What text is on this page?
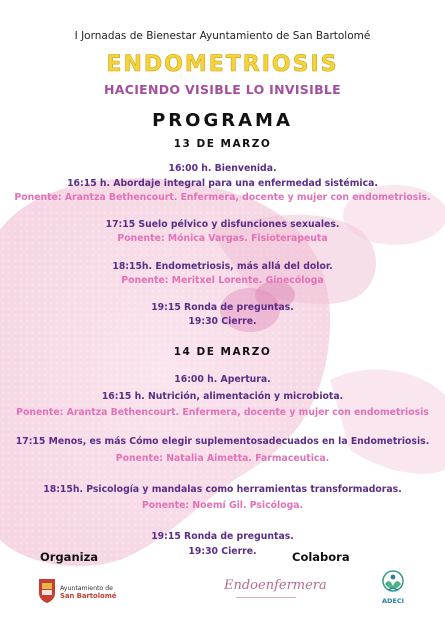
I Jornadas de Bienestar Ayuntamiento de San Bartolomé
ENDOMETRIOSIS
HACIENDO VISIBLE LO INVISIBLE
PROGRAMA
13 DE MARZO
16:00 h. Bienvenida.
16:15 h. Abordaje integral para una enfermedad sistémica.
Ponente: Arantza Bethencourt. Enfermera, docente y mujer con endometriosis.
17:15 Suelo pélvico y disfunciones sexuales.
Ponente: Mónica Vargas. Fisioterapeuta
18:15h. Endometriosis, más allá del dolor.
Ponente: Meritxel Lorente. Ginecóloga
19:15 Ronda de preguntas.
19:30 Cierre.
14 DE MARZO
16:00 h. Apertura.
16:15 h. Nutrición, alimentación y microbiota.
Ponente: Arantza Bethencourt. Enfermera, docente y mujer con endometriosis
17:15 Menos, es más Cómo elegir suplementosadecuados en la Endometriosis.
Ponente: Natalia Aimetta. Farmaceutica.
18:15h. Psicología y mandalas como herramientas transformadoras.
Ponente: Noemí Gil. Psicóloga.
19:15 Ronda de preguntas.
19:30 Cierre.
Organiza	Colabora
Ayuntamiento de
San Bartolomé
Endoenfermera
ADECI
